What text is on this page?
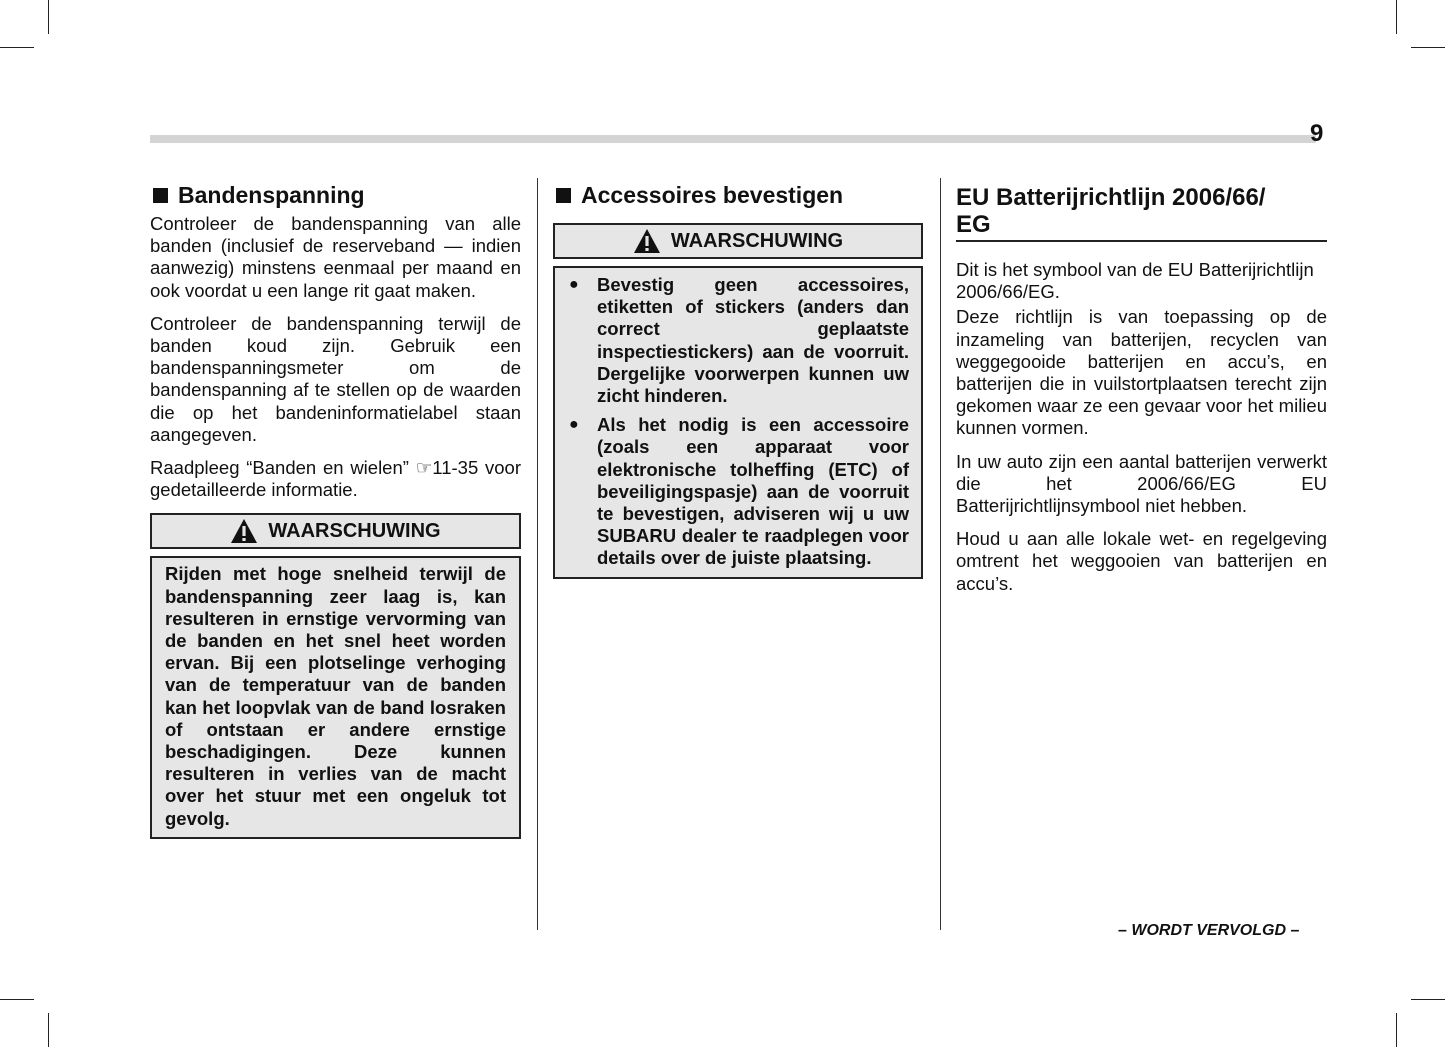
9
Bandenspanning

Controleer de bandenspanning van alle banden (inclusief de reserveband — indien aanwezig) minstens eenmaal per maand en ook voordat u een lange rit gaat maken.

Controleer de bandenspanning terwijl de banden koud zijn. Gebruik een bandenspanningsmeter om de bandenspanning af te stellen op de waarden die op het bandeninformatielabel staan aangegeven.

Raadpleeg “Banden en wielen” ☞11-35 voor gedetailleerde informatie.

WAARSCHUWING
Rijden met hoge snelheid terwijl de bandenspanning zeer laag is, kan resulteren in ernstige vervorming van de banden en het snel heet worden ervan. Bij een plotselinge verhoging van de temperatuur van de banden kan het loopvlak van de band losraken of ontstaan er andere ernstige beschadigingen. Deze kunnen resulteren in verlies van de macht over het stuur met een ongeluk tot gevolg.
Accessoires bevestigen
WAARSCHUWING
● Bevestig geen accessoires, etiketten of stickers (anders dan correct geplaatste inspectiestickers) aan de voorruit. Dergelijke voorwerpen kunnen uw zicht hinderen.
● Als het nodig is een accessoire (zoals een apparaat voor elektronische tolheffing (ETC) of beveiligingspasje) aan de voorruit te bevestigen, adviseren wij u uw SUBARU dealer te raadplegen voor details over de juiste plaatsing.
EU Batterijrichtlijn 2006/66/
EG

Dit is het symbool van de EU Batterijrichtlijn 2006/66/EG.

Deze richtlijn is van toepassing op de inzameling van batterijen, recyclen van weggegooide batterijen en accu’s, en batterijen die in vuilstortplaatsen terecht zijn gekomen waar ze een gevaar voor het milieu kunnen vormen.

In uw auto zijn een aantal batterijen verwerkt die het 2006/66/EG EU Batterijrichtlijnsymbool niet hebben.

Houd u aan alle lokale wet- en regelgeving omtrent het weggooien van batterijen en accu’s.

– WORDT VERVOLGD –
